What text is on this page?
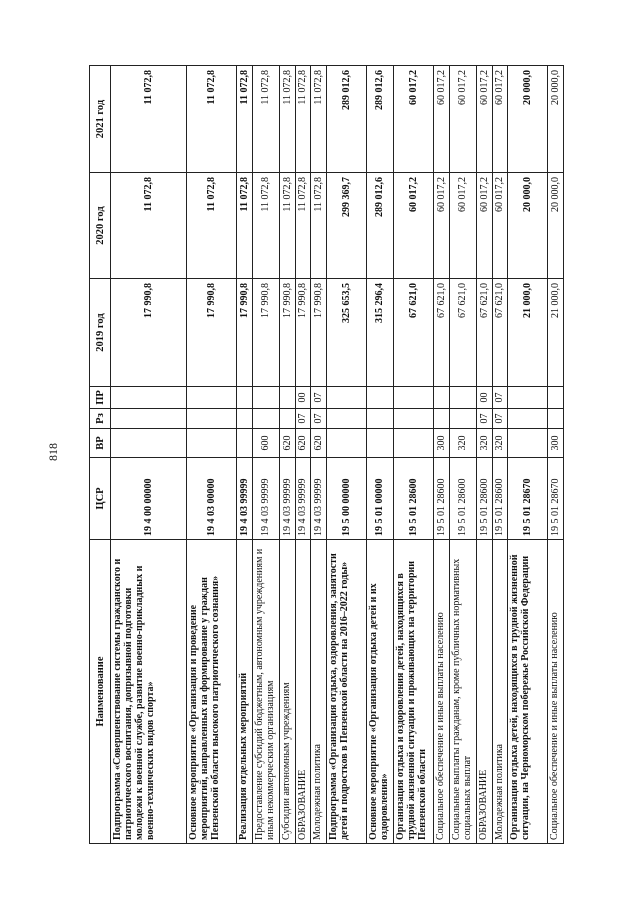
818
Наименование	ЦСР	ВР	Рз	ПР	2019 год	2020 год	2021 год
Подпрограмма «Совершенствование системы гражданского и патриотического воспитания, допризывной подготовки молодежи к военной службе, развитие военно-прикладных и военно-технических видов спорта»	19 4 00 00000				17 990,8	11 072,8	11 072,8
Основное мероприятие «Организация и проведение мероприятий, направленных на формирование у граждан Пензенской области высокого патриотического сознания»	19 4 03 00000				17 990,8	11 072,8	11 072,8
Реализация отдельных мероприятий	19 4 03 99999				17 990,8	11 072,8	11 072,8
Предоставление субсидий бюджетным, автономным учреждениям и иным некоммерческим организациям	19 4 03 99999	600			17 990,8	11 072,8	11 072,8
Субсидии автономным учреждениям	19 4 03 99999	620			17 990,8	11 072,8	11 072,8
ОБРАЗОВАНИЕ	19 4 03 99999	620	07	00	17 990,8	11 072,8	11 072,8
Молодежная политика	19 4 03 99999	620	07	07	17 990,8	11 072,8	11 072,8
Подпрограмма «Организация отдыха, оздоровления, занятости детей и подростков в Пензенской области на 2016–2022 годы»	19 5 00 00000				325 653,5	299 369,7	289 012,6
Основное мероприятие «Организация отдыха детей и их оздоровления»	19 5 01 00000				315 296,4	289 012,6	289 012,6
Организация отдыха и оздоровления детей, находящихся в трудной жизненной ситуации и проживающих на территории Пензенской области	19 5 01 28600				67 621,0	60 017,2	60 017,2
Социальное обеспечение и иные выплаты населению	19 5 01 28600	300			67 621,0	60 017,2	60 017,2
Социальные выплаты гражданам, кроме публичных нормативных социальных выплат	19 5 01 28600	320			67 621,0	60 017,2	60 017,2
ОБРАЗОВАНИЕ	19 5 01 28600	320	07	00	67 621,0	60 017,2	60 017,2
Молодежная политика	19 5 01 28600	320	07	07	67 621,0	60 017,2	60 017,2
Организация отдыха детей, находящихся в трудной жизненной ситуации, на Черноморском побережье Российской Федерации	19 5 01 28670				21 000,0	20 000,0	20 000,0
Социальное обеспечение и иные выплаты населению	19 5 01 28670	300			21 000,0	20 000,0	20 000,0
